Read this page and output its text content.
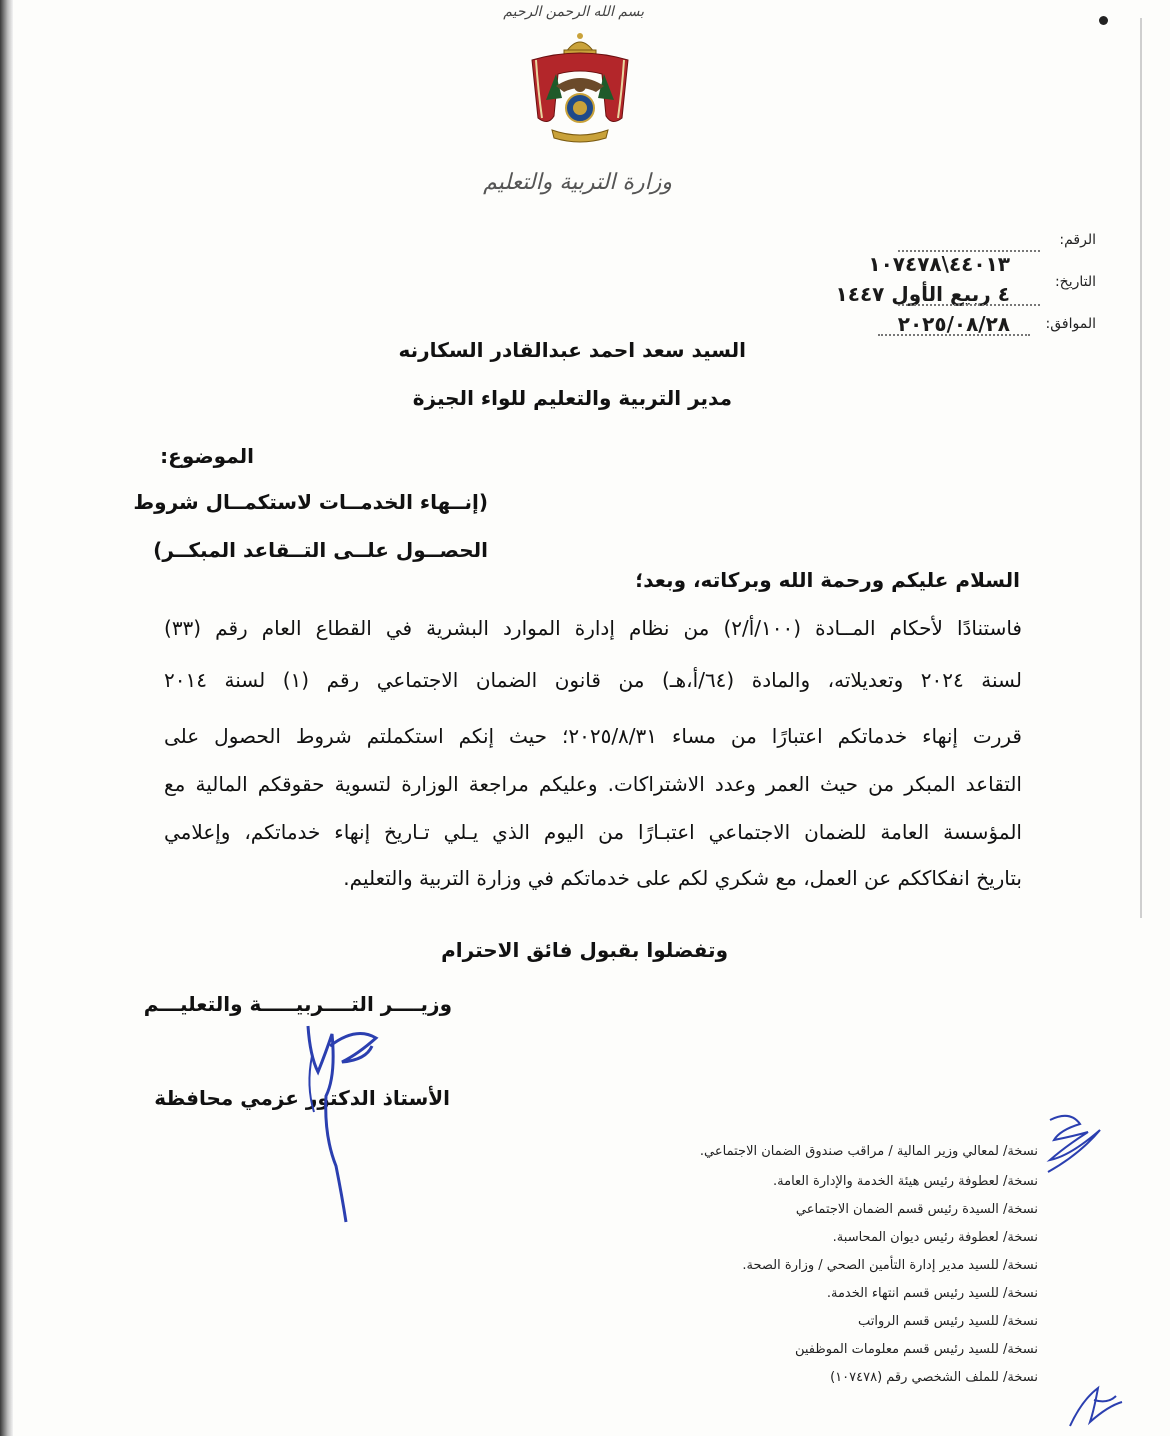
بسم الله الرحمن الرحيم
وزارة التربية والتعليم
الرقم:
٤٤٠١٣\١٠٧٤٧٨
التاريخ:
٤ ربيع الأول ١٤٤٧
الموافق:
٢٠٢٥/٠٨/٢٨
السيد سعد احمد عبدالقادر السكارنه
مدير التربية والتعليم للواء الجيزة
الموضوع:
(إنــهاء الخدمــات لاستكمــال شروط
الحصــول علــى التــقاعد المبكــر)
السلام عليكم ورحمة الله وبركاته، وبعد؛
فاستنادًا لأحكام المــادة (١٠٠/أ/٢) من نظام إدارة الموارد البشرية في القطاع العام رقم (٣٣)
لسنة ٢٠٢٤ وتعديلاته، والمادة (٦٤/أ،هـ) من قانون الضمان الاجتماعي رقم (١) لسنة ٢٠١٤
قررت إنهاء خدماتكم اعتبارًا من مساء ٢٠٢٥/٨/٣١؛ حيث إنكم استكملتم شروط الحصول على
التقاعد المبكر من حيث العمر وعدد الاشتراكات. وعليكم مراجعة الوزارة لتسوية حقوقكم المالية مع
المؤسسة العامة للضمان الاجتماعي اعتبـارًا من اليوم الذي يـلي تـاريخ إنهاء خدماتكم، وإعلامي
بتاريخ انفكاككم عن العمل، مع شكري لكم على خدماتكم في وزارة التربية والتعليم.
وتفضلوا بقبول فائق الاحترام
وزيــــر التــــربيـــــة والتعليـــم
الأستاذ الدكتور عزمي محافظة
نسخة/ لمعالي وزير المالية / مراقب صندوق الضمان الاجتماعي.
نسخة/ لعطوفة رئيس هيئة الخدمة والإدارة العامة.
نسخة/ السيدة رئيس قسم الضمان الاجتماعي
نسخة/ لعطوفة رئيس ديوان المحاسبة.
نسخة/ للسيد مدير إدارة التأمين الصحي / وزارة الصحة.
نسخة/ للسيد رئيس قسم انتهاء الخدمة.
نسخة/ للسيد رئيس قسم الرواتب
نسخة/ للسيد رئيس قسم معلومات الموظفين
نسخة/ للملف الشخصي رقم (١٠٧٤٧٨)
